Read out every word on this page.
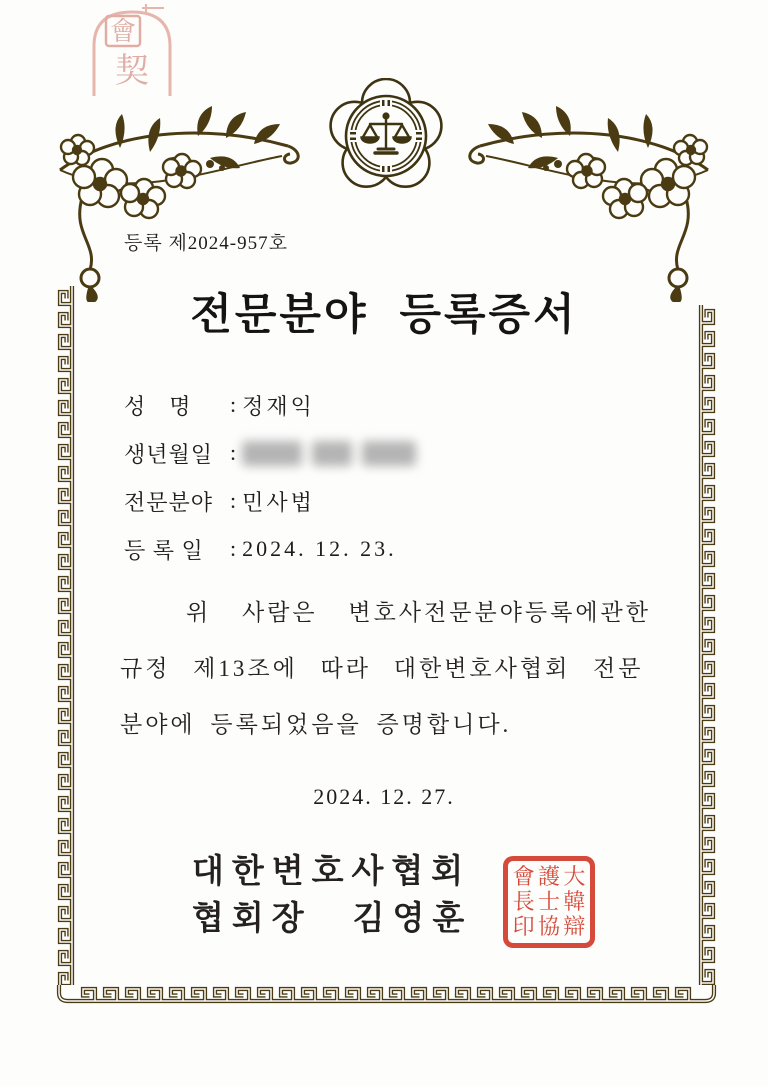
會
契
등록 제2024-957호
전문분야 등록증서
성　명	: 정재익
생년월일 :
전문분야 : 민사법
등 록 일	: 2024. 12. 23.
위 사람은 변호사전문분야등록에관한
규정 제13조에 따라 대한변호사협회 전문
분야에 등록되었음을 증명합니다.
2024. 12. 27.
대한변호사협회
협회장　김영훈
會 護 大
長 士 韓
印 協 辯
